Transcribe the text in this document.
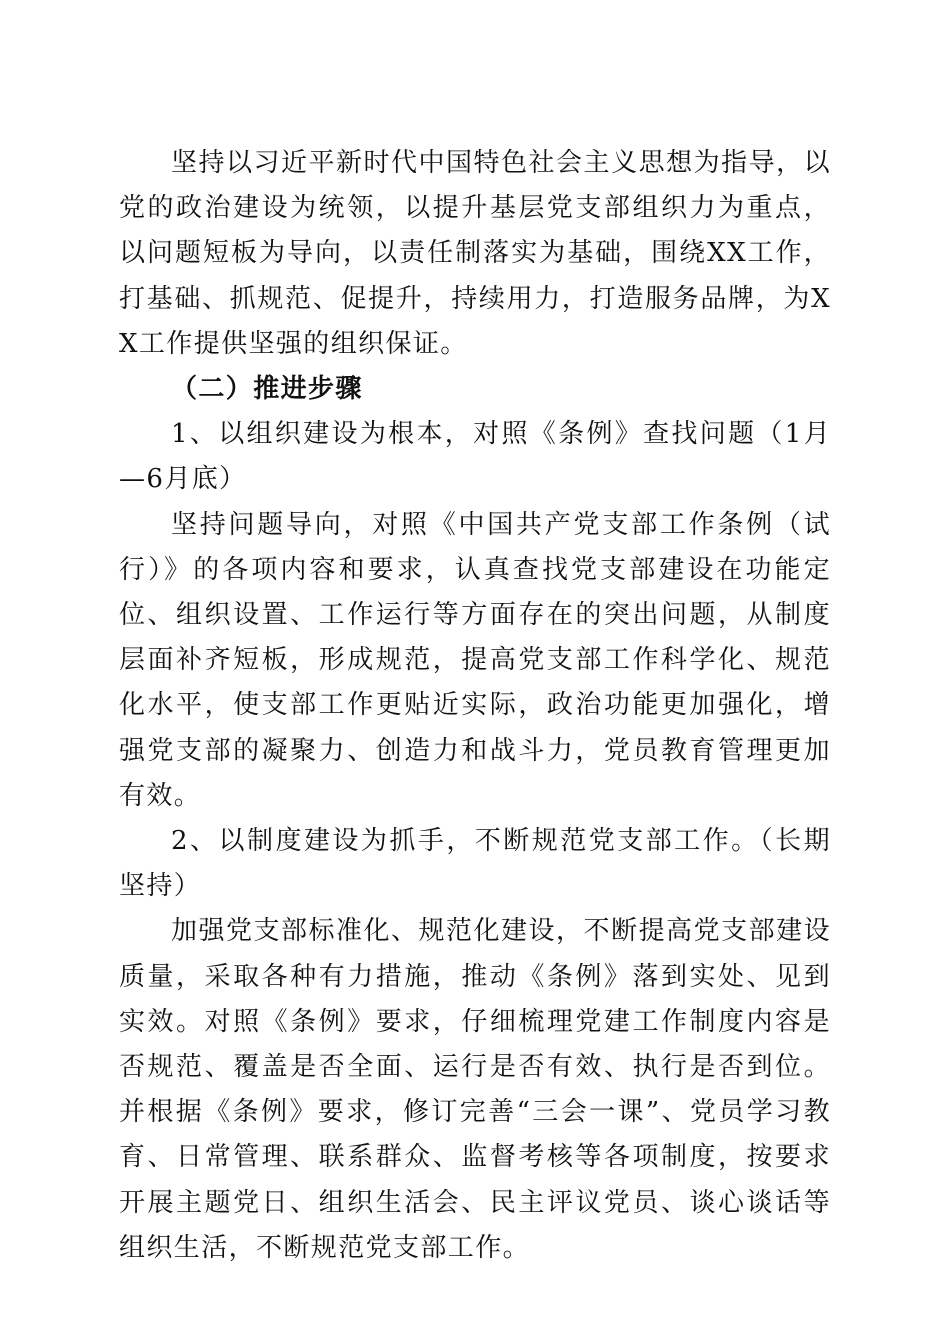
坚持以习近平新时代中国特色社会主义思想为指导，以党的政治建设为统领，以提升基层党支部组织力为重点，以问题短板为导向，以责任制落实为基础，围绕XX工作，打基础、抓规范、促提升，持续用力，打造服务品牌，为XX工作提供坚强的组织保证。

（二）推进步骤

1、以组织建设为根本，对照《条例》查找问题（1月—6月底）

坚持问题导向，对照《中国共产党支部工作条例（试行）》的各项内容和要求，认真查找党支部建设在功能定位、组织设置、工作运行等方面存在的突出问题，从制度层面补齐短板，形成规范，提高党支部工作科学化、规范化水平，使支部工作更贴近实际，政治功能更加强化，增强党支部的凝聚力、创造力和战斗力，党员教育管理更加有效。

2、以制度建设为抓手，不断规范党支部工作。（长期坚持）

加强党支部标准化、规范化建设，不断提高党支部建设质量，采取各种有力措施，推动《条例》落到实处、见到实效。对照《条例》要求，仔细梳理党建工作制度内容是否规范、覆盖是否全面、运行是否有效、执行是否到位。并根据《条例》要求，修订完善“三会一课”、党员学习教育、日常管理、联系群众、监督考核等各项制度，按要求开展主题党日、组织生活会、民主评议党员、谈心谈话等组织生活，不断规范党支部工作。
